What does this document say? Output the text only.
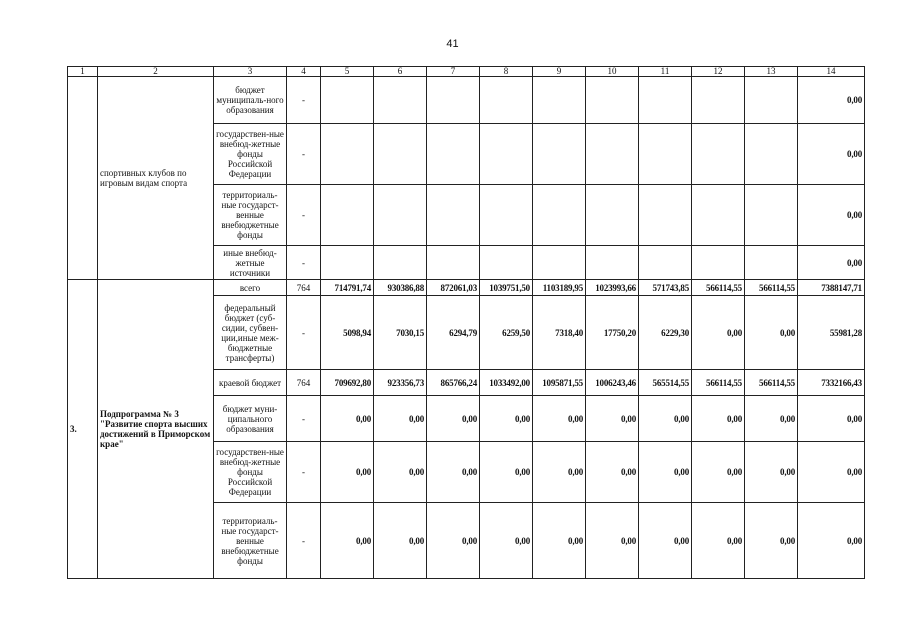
41
1	2	3	4	5	6	7	8	9	10	11	12	13	14
	спортивных клубов по игровым видам спорта	бюджет муниципаль-ного образования	-										0,00
		государствен-ные внебюд-жетные фонды Российской Федерации	-										0,00
		территориаль-ные государст-венные внебюджетные фонды	-										0,00
		иные внебюд-жетные источники	-										0,00
3.	Подпрограмма № 3 "Развитие спорта высших достижений в Приморском крае"	всего	764	714791,74	930386,88	872061,03	1039751,50	1103189,95	1023993,66	571743,85	566114,55	566114,55	7388147,71
		федеральный бюджет (суб-сидии, субвен-ции,иные меж-бюджетные трансферты)	-	5098,94	7030,15	6294,79	6259,50	7318,40	17750,20	6229,30	0,00	0,00	55981,28
		краевой бюджет	764	709692,80	923356,73	865766,24	1033492,00	1095871,55	1006243,46	565514,55	566114,55	566114,55	7332166,43
		бюджет муни-ципального образования	-	0,00	0,00	0,00	0,00	0,00	0,00	0,00	0,00	0,00	0,00
		государствен-ные внебюд-жетные фонды Российской Федерации	-	0,00	0,00	0,00	0,00	0,00	0,00	0,00	0,00	0,00	0,00
		территориаль-ные государст-венные внебюджетные фонды	-	0,00	0,00	0,00	0,00	0,00	0,00	0,00	0,00	0,00	0,00
